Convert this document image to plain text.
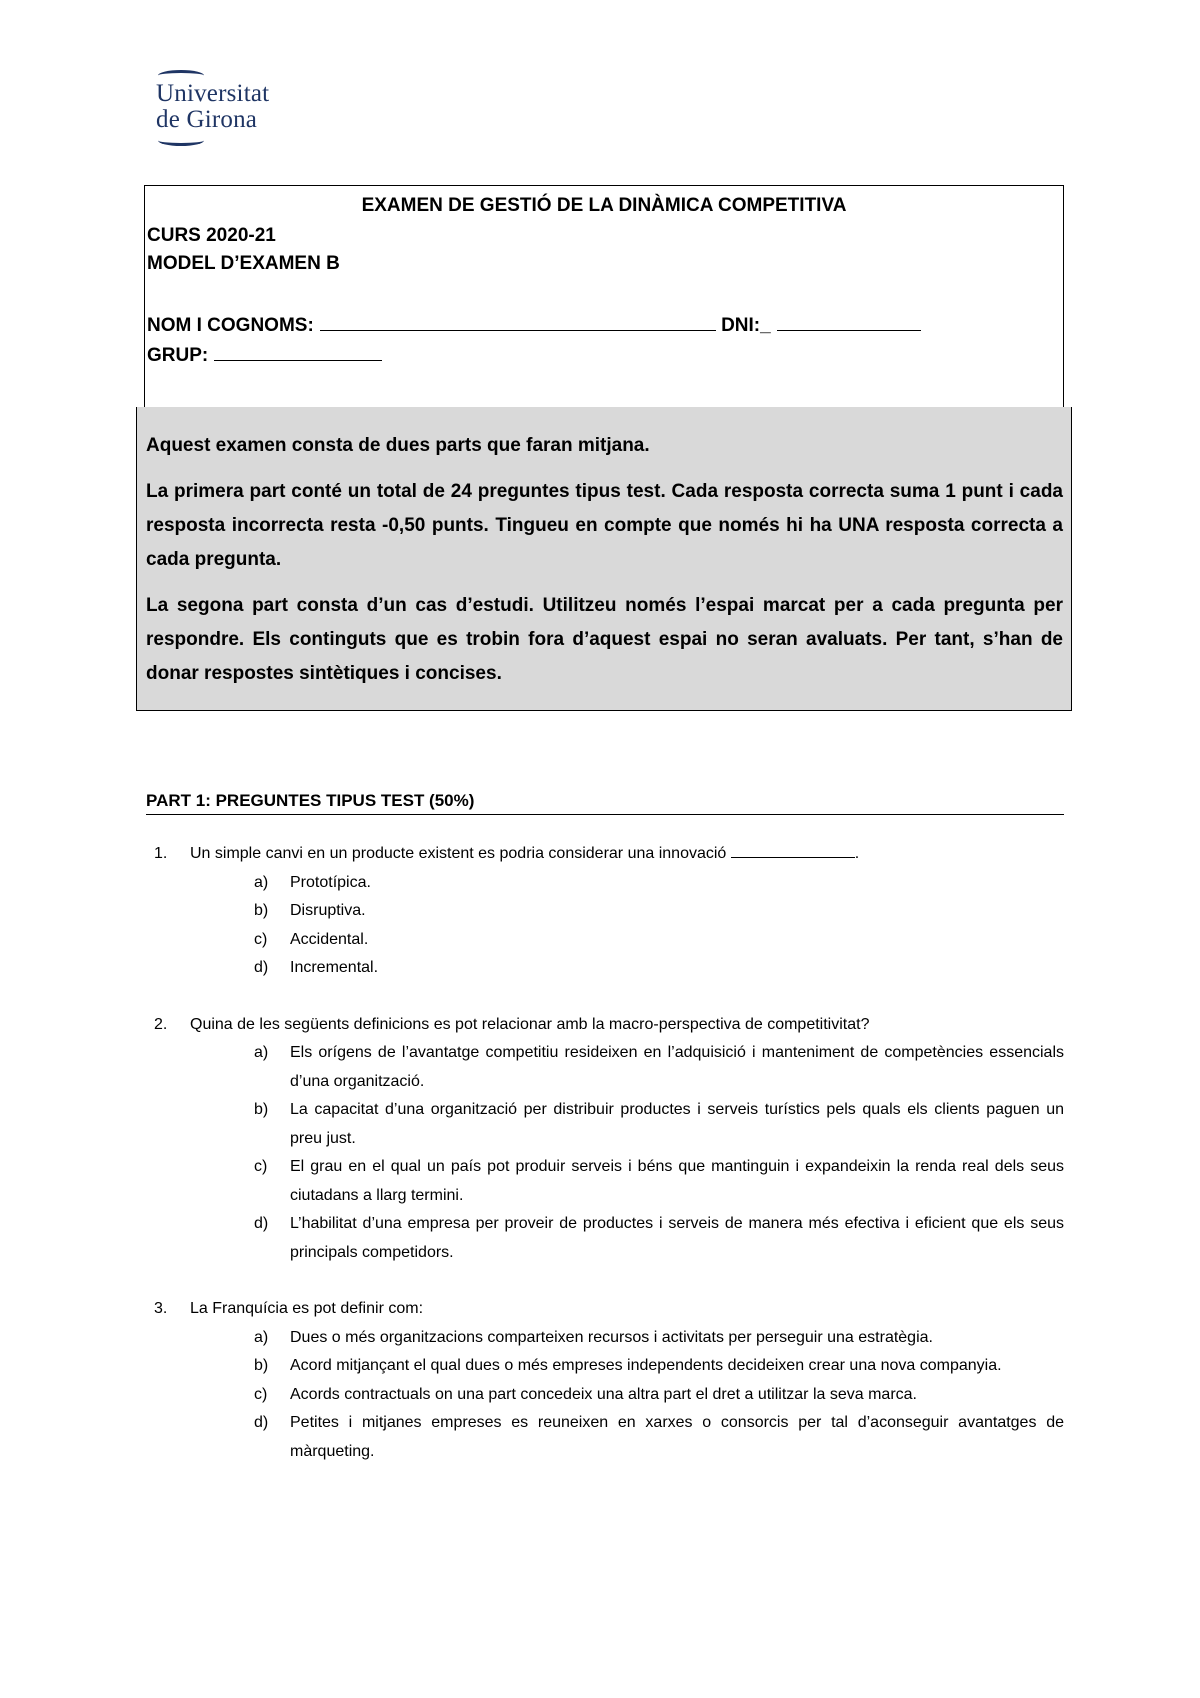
Universitat
de Girona
EXAMEN DE GESTIÓ DE LA DINÀMICA COMPETITIVA
CURS 2020-21
MODEL D’EXAMEN B
NOM I COGNOMS:	DNI:_
GRUP:

Aquest examen consta de dues parts que faran mitjana.

La primera part conté un total de 24 preguntes tipus test. Cada resposta correcta suma 1 punt i cada resposta incorrecta resta -0,50 punts. Tingueu en compte que només hi ha UNA resposta correcta a cada pregunta.

La segona part consta d’un cas d’estudi. Utilitzeu només l’espai marcat per a cada pregunta per respondre. Els continguts que es trobin fora d’aquest espai no seran avaluats. Per tant, s’han de donar respostes sintètiques i concises.

PART 1: PREGUNTES TIPUS TEST (50%)
1.	Un simple canvi en un producte existent es podria considerar una innovació	.
a)	Prototípica.
b)	Disruptiva.
c)	Accidental.
d)	Incremental.
2.	Quina de les següents definicions es pot relacionar amb la macro-perspectiva de competitivitat?
a)	Els orígens de l’avantatge competitiu resideixen en l’adquisició i manteniment de competències essencials d’una organització.
b)	La capacitat d’una organització per distribuir productes i serveis turístics pels quals els clients paguen un preu just.
c)	El grau en el qual un país pot produir serveis i béns que mantinguin i expandeixin la renda real dels seus ciutadans a llarg termini.
d)	L’habilitat d’una empresa per proveir de productes i serveis de manera més efectiva i eficient que els seus principals competidors.
3.	La Franquícia es pot definir com:
a)	Dues o més organitzacions comparteixen recursos i activitats per perseguir una estratègia.
b)	Acord mitjançant el qual dues o més empreses independents decideixen crear una nova companyia.
c)	Acords contractuals on una part concedeix una altra part el dret a utilitzar la seva marca.
d)	Petites i mitjanes empreses es reuneixen en xarxes o consorcis per tal d’aconseguir avantatges de màrqueting.
